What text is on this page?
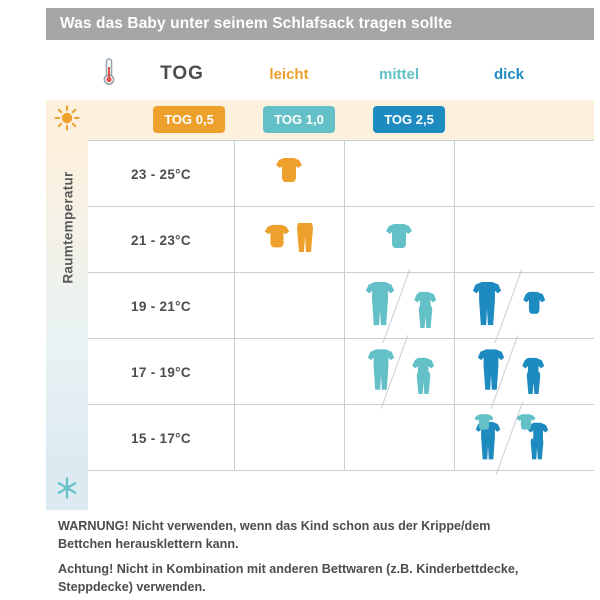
Was das Baby unter seinem Schlafsack tragen sollte
Raumtemperatur
TOG	leicht	mittel	dick
TOG 0,5	TOG 1,0	TOG 2,5
23 - 25°C
21 - 23°C
19 - 21°C
17 - 19°C
15 - 17°C

WARNUNG! Nicht verwenden, wenn das Kind schon aus der Krippe/dem

Bettchen herausklettern kann.

Achtung! Nicht in Kombination mit anderen Bettwaren (z.B. Kinderbettdecke,

Steppdecke) verwenden.
